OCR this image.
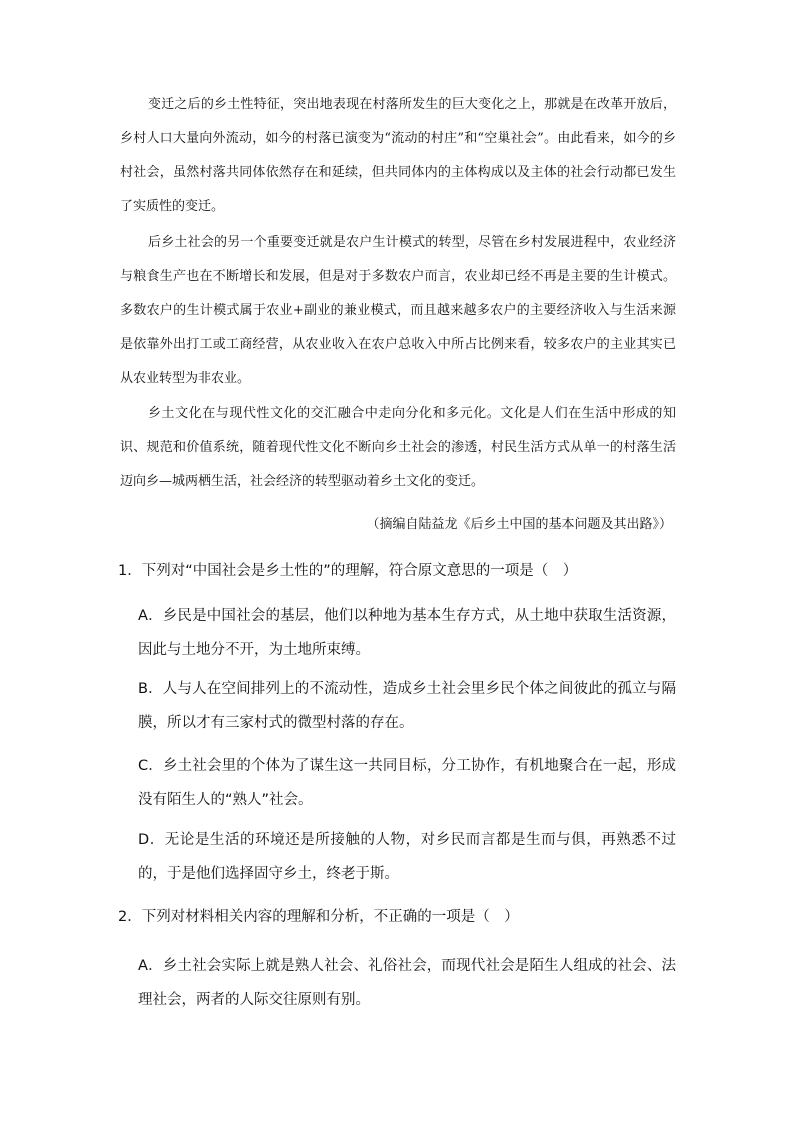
变迁之后的乡土性特征，突出地表现在村落所发生的巨大变化之上，那就是在改革开放后，乡村人口大量向外流动，如今的村落已演变为“流动的村庄”和“空巢社会”。由此看来，如今的乡村社会，虽然村落共同体依然存在和延续，但共同体内的主体构成以及主体的社会行动都已发生了实质性的变迁。

后乡土社会的另一个重要变迁就是农户生计模式的转型，尽管在乡村发展进程中，农业经济与粮食生产也在不断增长和发展，但是对于多数农户而言，农业却已经不再是主要的生计模式。多数农户的生计模式属于农业+副业的兼业模式，而且越来越多农户的主要经济收入与生活来源是依靠外出打工或工商经营，从农业收入在农户总收入中所占比例来看，较多农户的主业其实已从农业转型为非农业。

乡土文化在与现代性文化的交汇融合中走向分化和多元化。文化是人们在生活中形成的知识、规范和价值系统，随着现代性文化不断向乡土社会的渗透，村民生活方式从单一的村落生活迈向乡—城两栖生活，社会经济的转型驱动着乡土文化的变迁。

（摘编自陆益龙《后乡土中国的基本问题及其出路》）
1．下列对“中国社会是乡土性的”的理解，符合原文意思的一项是（　）
A．乡民是中国社会的基层，他们以种地为基本生存方式，从土地中获取生活资源，因此与土地分不开，为土地所束缚。
B．人与人在空间排列上的不流动性，造成乡土社会里乡民个体之间彼此的孤立与隔膜，所以才有三家村式的微型村落的存在。
C．乡土社会里的个体为了谋生这一共同目标，分工协作，有机地聚合在一起，形成没有陌生人的“熟人”社会。
D．无论是生活的环境还是所接触的人物，对乡民而言都是生而与俱，再熟悉不过的，于是他们选择固守乡土，终老于斯。
2．下列对材料相关内容的理解和分析，不正确的一项是（　）
A．乡土社会实际上就是熟人社会、礼俗社会，而现代社会是陌生人组成的社会、法理社会，两者的人际交往原则有别。
